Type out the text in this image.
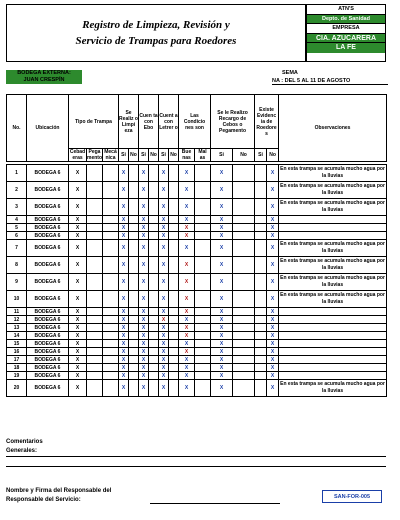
Registro de Limpieza, Revisión y
Servicio de Trampas para Roedores
ATN'S
Depto. de Sanidad
EMPRESA
CIA. AZUCARERA
LA FE
BODEGA EXTERNA:
JUAN CRESPÍN
SEMA
NA : DEL 5 AL 11 DE AGOSTO
No.	Ubicación	Tipo de Trampa			Se Realiz o Limpi eza		Cuen ta con Ebo		Cuent a con Letrer o		Las Condicio nes son		Se le Realizo Recargo de Cebos o Pegamento		Existe Evidenc ia de Roedore s		Observaciones
		Cebad eras	Pega mento	Mecá nica	Si	No	Si	No	Si	No	Bue nas	Mal as	Si	No	Si	No	

1	BODEGA 6	X			X		X		X		X		X			X	En esta trampa se acumula mucho agua por la lluvias
2	BODEGA 6	X			X		X		X		X		X			X	En esta trampa se acumula mucho agua por la lluvias
3	BODEGA 6	X			X		X		X		X		X			X	En esta trampa se acumula mucho agua por la lluvias
4	BODEGA 6	X			X		X		X		X		X			X	
5	BODEGA 6	X			X		X		X		X		X			X	
6	BODEGA 6	X			X		X		X		X		X			X	
7	BODEGA 6	X			X		X		X		X		X			X	En esta trampa se acumula mucho agua por la lluvias
8	BODEGA 6	X			X		X		X		X		X			X	En esta trampa se acumula mucho agua por la lluvias
9	BODEGA 6	X			X		X		X		X		X			X	En esta trampa se acumula mucho agua por la lluvias
10	BODEGA 6	X			X		X		X		X		X			X	En esta trampa se acumula mucho agua por la lluvias
11	BODEGA 6	X			X		X		X		X		X			X	
12	BODEGA 6	X			X		X		X		X		X			X	
13	BODEGA 6	X			X		X		X		X		X			X	
14	BODEGA 6	X			X		X		X		X		X			X	
15	BODEGA 6	X			X		X		X		X		X			X	
16	BODEGA 6	X			X		X		X		X		X			X	
17	BODEGA 6	X			X		X		X		X		X			X	
18	BODEGA 6	X			X		X		X		X		X			X	
19	BODEGA 6	X			X		X		X		X		X			X	
20	BODEGA 6	X			X		X		X		X		X			X	En esta trampa se acumula mucho agua por la lluvias
Comentarios
Generales:
Nombre y Firma del Responsable del
Responsable del Servicio:	SAN-FOR-005
